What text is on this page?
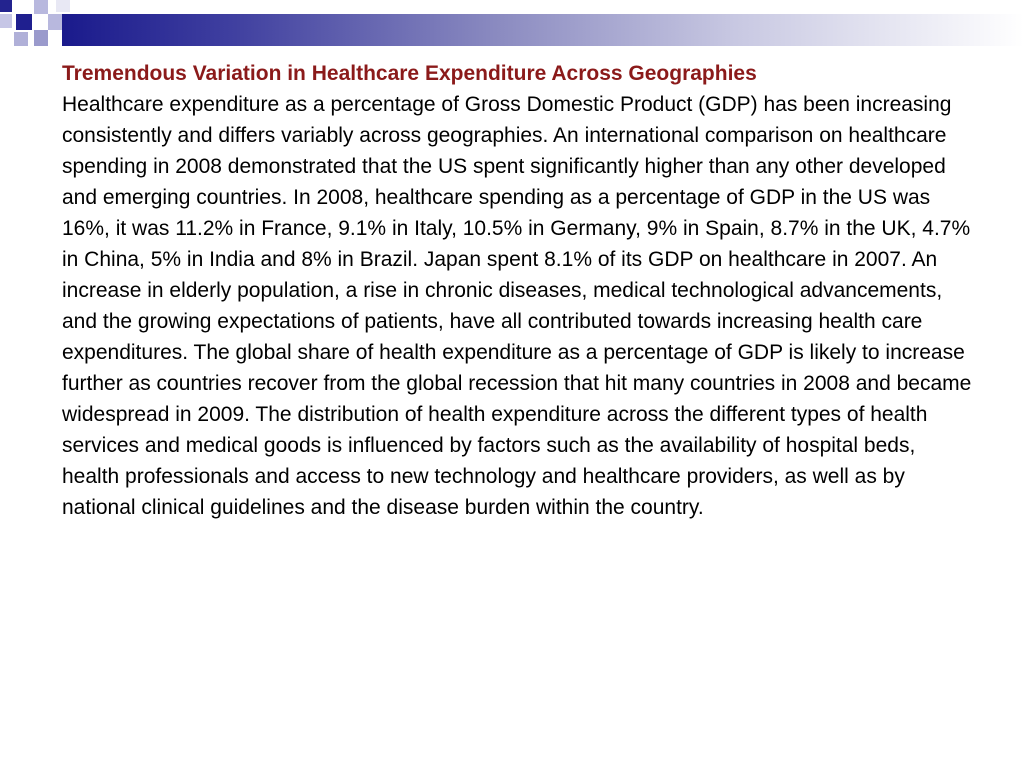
Tremendous Variation in Healthcare Expenditure Across Geographies

Healthcare expenditure as a percentage of Gross Domestic Product (GDP) has been increasing consistently and differs variably across geographies. An international comparison on healthcare spending in 2008 demonstrated that the US spent significantly higher than any other developed and emerging countries. In 2008, healthcare spending as a percentage of GDP in the US was 16%, it was 11.2% in France, 9.1% in Italy, 10.5% in Germany, 9% in Spain, 8.7% in the UK, 4.7% in China, 5% in India and 8% in Brazil. Japan spent 8.1% of its GDP on healthcare in 2007. An increase in elderly population, a rise in chronic diseases, medical technological advancements, and the growing expectations of patients, have all contributed towards increasing health care expenditures. The global share of health expenditure as a percentage of GDP is likely to increase further as countries recover from the global recession that hit many countries in 2008 and became widespread in 2009. The distribution of health expenditure across the different types of health services and medical goods is influenced by factors such as the availability of hospital beds, health professionals and access to new technology and healthcare providers, as well as by national clinical guidelines and the disease burden within the country.
